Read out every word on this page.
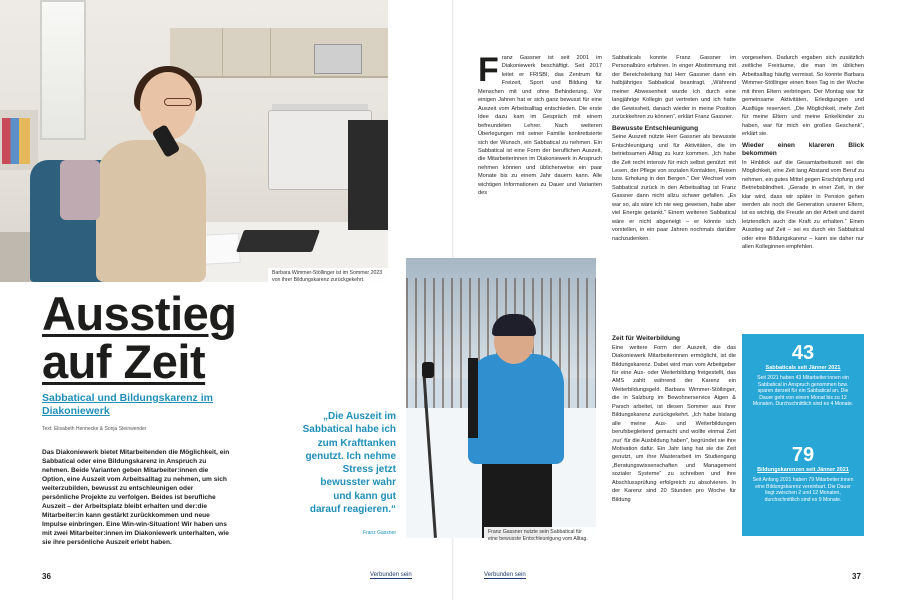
Barbara Wimmer-Stöllinger ist im Sommer 2023 von ihrer Bildungskarenz zurückgekehrt.
Ausstieg
auf Zeit
Sabbatical und Bildungskarenz im Diakoniewerk
Text: Elisabeth Hennecke & Sonja Steinwender
Das Diakoniewerk bietet Mitarbeitenden die Möglichkeit, ein Sabbatical oder eine Bildungskarenz in Anspruch zu nehmen. Beide Varianten geben Mitarbeiter:innen die Option, eine Auszeit vom Arbeitsalltag zu nehmen, um sich weiterzubilden, bewusst zu entschleunigen oder persönliche Projekte zu verfolgen. Beides ist berufliche Auszeit – der Arbeitsplatz bleibt erhalten und der:die Mitarbeiter:in kann gestärkt zurückkommen und neue Impulse einbringen. Eine Win-win-Situation! Wir haben uns mit zwei Mitarbeiter:innen im Diakoniewerk unterhalten, wie sie ihre persönliche Auszeit erlebt haben.
„Die Auszeit im Sabbatical habe ich zum Krafttanken genutzt. Ich nehme Stress jetzt bewusster wahr und kann gut darauf reagieren.“
Franz Gassner
36	Verbunden sein
Franz Gassner nutzte sein Sabbatical für eine bewusste Entschleunigung vom Alltag.
F ranz Gassner ist seit 2001 im Diakoniewerk beschäftigt. Seit 2017 leitet er FRISBI, das Zentrum für Freizeit, Sport und Bildung für Menschen mit und ohne Behinderung. Vor einigen Jahren hat er sich ganz bewusst für eine Auszeit vom Arbeitsalltag entschieden. Die erste Idee dazu kam im Gespräch mit einem befreundeten Lehrer. Nach weiteren Überlegungen mit seiner Familie konkretisierte sich der Wunsch, ein Sabbatical zu nehmen. Ein Sabbatical ist eine Form der beruflichen Auszeit, die Mitarbeiterinnen im Diakoniewerk in Anspruch nehmen können und üblicherweise ein paar Monate bis zu einem Jahr dauern kann. Alle wichtigen Informationen zu Dauer und Varianten des

Sabbaticals konnte Franz Gassner im Personalbüro erfahren. In enger Abstimmung mit der Bereichsleitung hat Herr Gassner dann ein halbjähriges Sabbatical beantragt. „Während meiner Abwesenheit wurde ich durch eine langjährige Kollegin gut vertreten und ich hatte die Gewissheit, danach wieder in meine Position zurückkehren zu können“, erklärt Franz Gassner.

Bewusste Entschleunigung

Seine Auszeit nützte Herr Gassner als bewusste Entschleunigung und für Aktivitäten, die im betriebsamen Alltag zu kurz kommen. „Ich habe die Zeit recht intensiv für mich selbst genützt: mit Lesen, der Pflege von sozialen Kontakten, Reisen bzw. Erholung in den Bergen.“ Der Wechsel vom Sabbatical zurück in den Arbeitsalltag ist Franz Gassner dann nicht allzu schwer gefallen. „Es war so, als wäre ich nie weg gewesen, habe aber viel Energie getankt.“ Einem weiteren Sabbatical wäre er nicht abgeneigt – er könnte sich vorstellen, in ein paar Jahren nochmals darüber nachzudenken.

Zeit für Weiterbildung

Eine weitere Form der Auszeit, die das Diakoniewerk Mitarbeiterinnen ermöglicht, ist die Bildungskarenz. Dabei wird man vom Arbeitgeber für eine Aus- oder Weiterbildung freigestellt, das AMS zahlt während der Karenz ein Weiterbildungsgeld. Barbara Wimmer-Stöllinger, die in Salzburg im Bewohnerservice Aigen & Parsch arbeitet, ist diesen Sommer aus ihrer Bildungskarenz zurückgekehrt. „Ich habe bislang alle meine Aus- und Weiterbildungen berufsbegleitend gemacht und wollte einmal Zeit ‚nur‘ für die Ausbildung haben“, begründet sie ihre Motivation dafür. Ein Jahr lang hat sie die Zeit genutzt, um ihre Masterarbeit im Studiengang „Beratungswissenschaften und Management sozialer Systeme“ zu schreiben und ihre Abschlussprüfung erfolgreich zu absolvieren. In der Karenz sind 20 Stunden pro Woche für Bildung

vorgesehen. Dadurch ergaben sich zusätzlich zeitliche Freiräume, die man im üblichen Arbeitsalltag häufig vermisst. So konnte Barbara Wimmer-Stöllinger einen fixen Tag in der Woche mit ihren Eltern verbringen. Der Montag war für gemeinsame Aktivitäten, Erledigungen und Ausflüge reserviert. „Die Möglichkeit, mehr Zeit für meine Eltern und meine Enkelkinder zu haben, war für mich ein großes Geschenk“, erklärt sie.

Wieder einen klareren Blick bekommen

In Hinblick auf die Gesamtarbeitszeit sei die Möglichkeit, eine Zeit lang Abstand vom Beruf zu nehmen, ein gutes Mittel gegen Erschöpfung und Betriebsblindheit. „Gerade in einer Zeit, in der klar wird, dass wir später in Pension gehen werden als noch die Generation unserer Eltern, ist es wichtig, die Freude an der Arbeit und damit letztendlich auch die Kraft zu erhalten.“ Einen Ausstieg auf Zeit – sei es durch ein Sabbatical oder eine Bildungskarenz – kann sie daher nur allen Kolleginnen empfehlen.

43
Sabbaticals seit Jänner 2021
Seit 2021 haben 43 Mitarbeiter:innen ein Sabbatical in Anspruch genommen bzw. sparen derzeit für ein Sabbatical an. Die Dauer geht von einem Monat bis zu 12 Monaten. Durchschnittlich sind es 4 Monate.
79
Bildungskarenzen seit Jänner 2021
Seit Anfang 2021 haben 79 Mitarbeiter:innen eine Bildungskarenz vereinbart. Die Dauer liegt zwischen 2 und 12 Monaten, durchschnittlich sind es 9 Monate.
Verbunden sein	37
